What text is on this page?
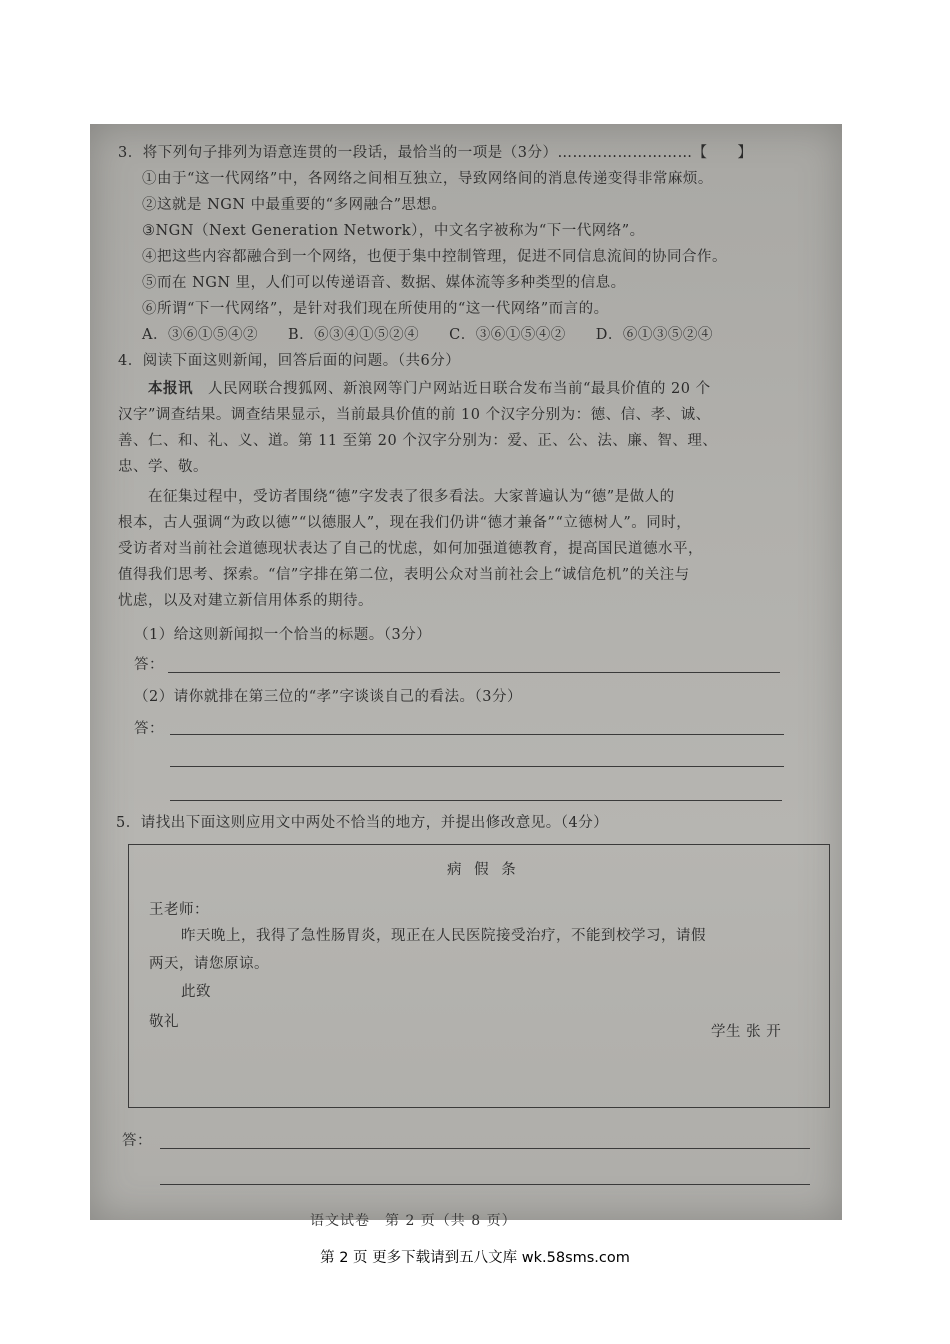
3．将下列句子排列为语意连贯的一段话，最恰当的一项是（3分）………………………【　　】
①由于“这一代网络”中，各网络之间相互独立，导致网络间的消息传递变得非常麻烦。
②这就是 NGN 中最重要的“多网融合”思想。
③NGN（Next Generation Network），中文名字被称为“下一代网络”。
④把这些内容都融合到一个网络，也便于集中控制管理，促进不同信息流间的协同合作。
⑤而在 NGN 里，人们可以传递语音、数据、媒体流等多种类型的信息。
⑥所谓“下一代网络”，是针对我们现在所使用的“这一代网络”而言的。
A．③⑥①⑤④②　　B．⑥③④①⑤②④　　C．③⑥①⑤④②　　D．⑥①③⑤②④
4．阅读下面这则新闻，回答后面的问题。（共6分）
本报讯 人民网联合搜狐网、新浪网等门户网站近日联合发布当前“最具价值的 20 个
汉字”调查结果。调查结果显示，当前最具价值的前 10 个汉字分别为：德、信、孝、诚、
善、仁、和、礼、义、道。第 11 至第 20 个汉字分别为：爱、正、公、法、廉、智、理、
忠、学、敬。
在征集过程中，受访者围绕“德”字发表了很多看法。大家普遍认为“德”是做人的
根本，古人强调“为政以德”“以德服人”，现在我们仍讲“德才兼备”“立德树人”。同时，
受访者对当前社会道德现状表达了自己的忧虑，如何加强道德教育，提高国民道德水平，
值得我们思考、探索。“信”字排在第二位，表明公众对当前社会上“诚信危机”的关注与
忧虑，以及对建立新信用体系的期待。
（1）给这则新闻拟一个恰当的标题。（3分）
答：
（2）请你就排在第三位的“孝”字谈谈自己的看法。（3分）
答：
5．请找出下面这则应用文中两处不恰当的地方，并提出修改意见。（4分）
病 假 条
王老师：
昨天晚上，我得了急性肠胃炎，现正在人民医院接受治疗，不能到校学习，请假
两天，请您原谅。
此致
敬礼
学生 张 开
答：
语文试卷　第 2 页（共 8 页）
第 2 页 更多下载请到五八文库 wk.58sms.com
